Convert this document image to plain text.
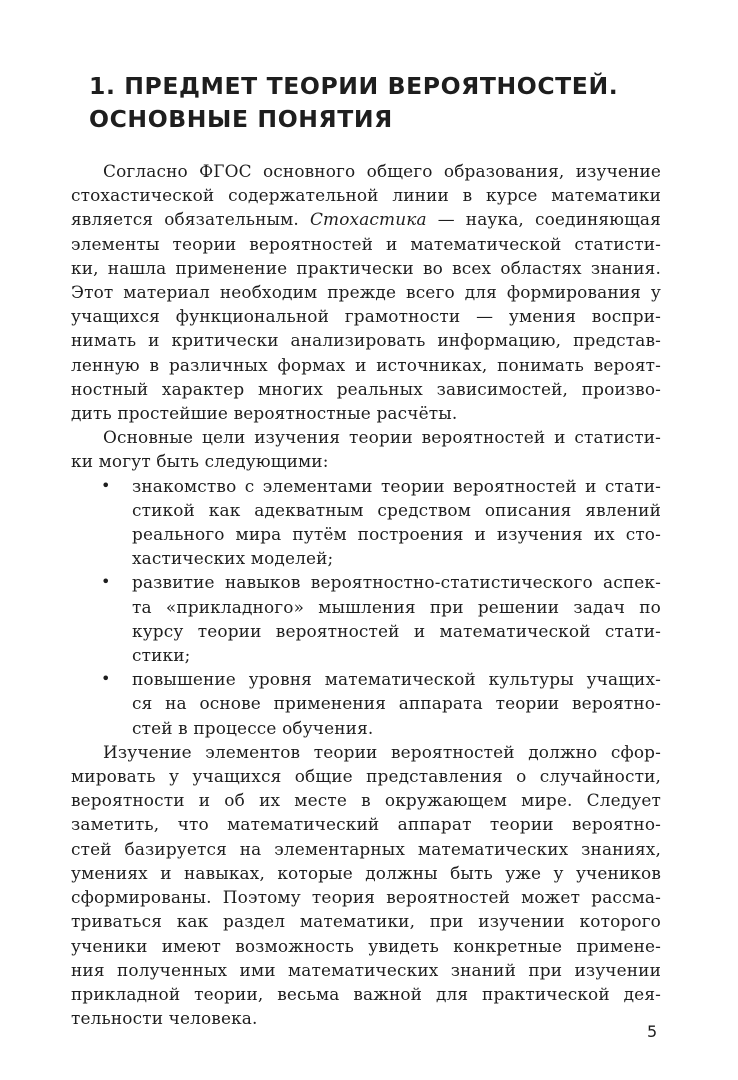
1. ПРЕДМЕТ ТЕОРИИ ВЕРОЯТНОСТЕЙ.
ОСНОВНЫЕ ПОНЯТИЯ
Согласно ФГОС основного общего образования, изучение
стохастической содержательной линии в курсе математики
является обязательным. Стохастика — наука, соединяющая
элементы теории вероятностей и математической статисти-
ки, нашла применение практически во всех областях знания.
Этот материал необходим прежде всего для формирования у
учащихся функциональной грамотности — умения воспри-
нимать и критически анализировать информацию, представ-
ленную в различных формах и источниках, понимать вероят-
ностный характер многих реальных зависимостей, произво-
дить простейшие вероятностные расчёты.
Основные цели изучения теории вероятностей и статисти-
ки могут быть следующими:
• знакомство с элементами теории вероятностей и стати-
стикой как адекватным средством описания явлений
реального мира путём построения и изучения их сто-
хастических моделей;
• развитие навыков вероятностно-статистического аспек-
та «прикладного» мышления при решении задач по
курсу теории вероятностей и математической стати-
стики;
• повышение уровня математической культуры учащих-
ся на основе применения аппарата теории вероятно-
стей в процессе обучения.
Изучение элементов теории вероятностей должно сфор-
мировать у учащихся общие представления о случайности,
вероятности и об их месте в окружающем мире. Следует
заметить, что математический аппарат теории вероятно-
стей базируется на элементарных математических знаниях,
умениях и навыках, которые должны быть уже у учеников
сформированы. Поэтому теория вероятностей может рассма-
триваться как раздел математики, при изучении которого
ученики имеют возможность увидеть конкретные примене-
ния полученных ими математических знаний при изучении
прикладной теории, весьма важной для практической дея-
тельности человека.
5
